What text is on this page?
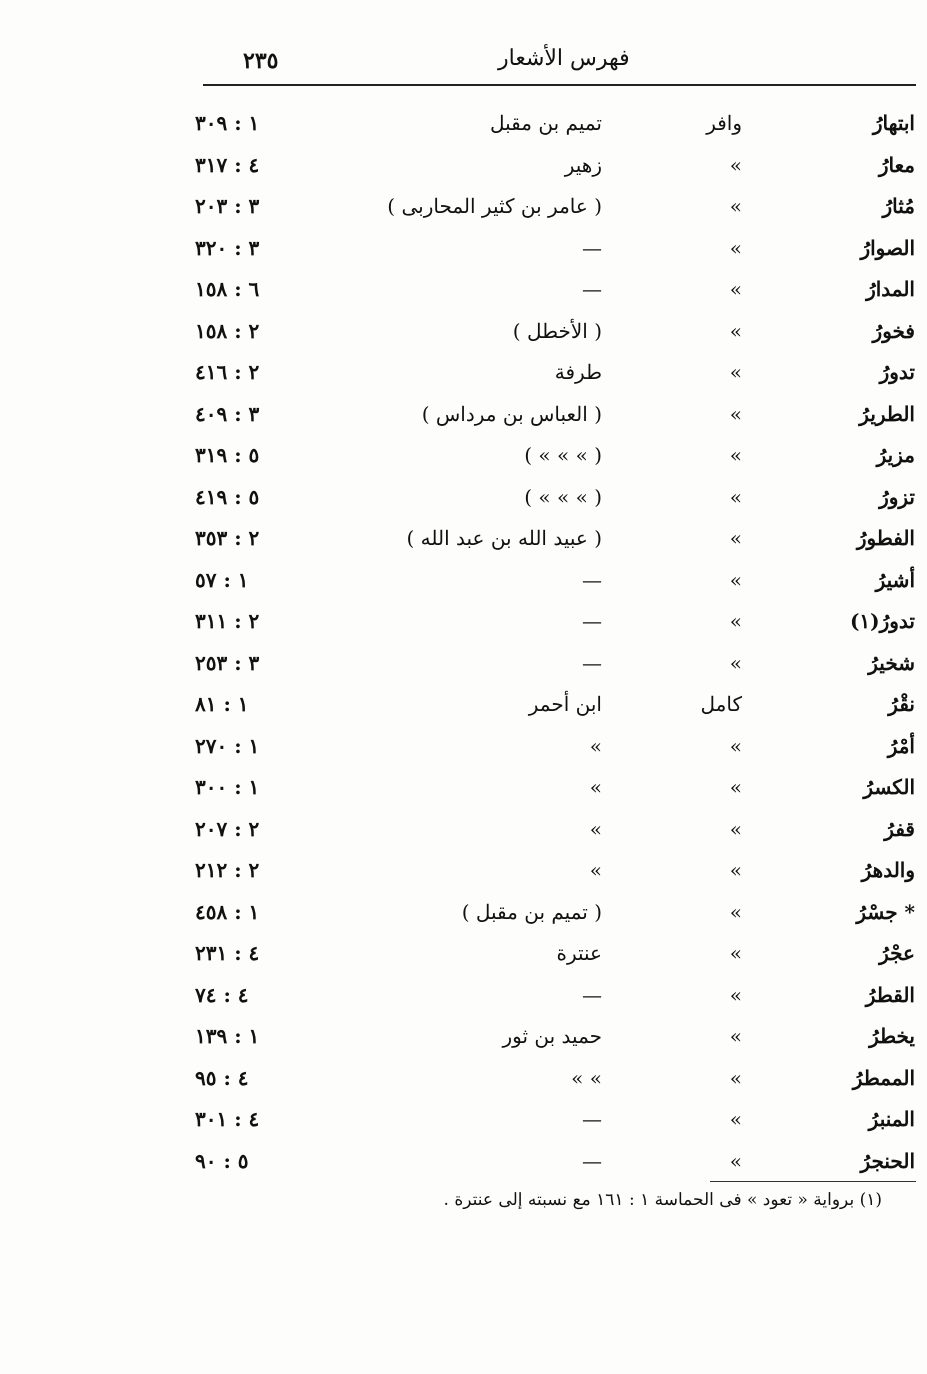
٢٣٥	فهرس الأشعار
ابتهارُ
وافر
تميم بن مقبل
١ : ٣٠٩
معارُ
»
زهير
٤ : ٣١٧
مُثارُ
»
( عامر بن كثير المحاربى )
٣ : ٢٠٣
الصوارُ
»
—
٣ : ٣٢٠
المدارُ
»
—
٦ : ١٥٨
فخورُ
»
( الأخطل )
٢ : ١٥٨
تدورُ
»
طرفة
٢ : ٤١٦
الطريرُ
»
( العباس بن مرداس )
٣ : ٤٠٩
مزيرُ
»
( » » » )
٥ : ٣١٩
تزورُ
»
( » » » )
٥ : ٤١٩
الفطورُ
»
( عبيد الله بن عبد الله )
٢ : ٣٥٣
أشيرُ
»
—
١ : ٥٧
تدورُ(١)
»
—
٢ : ٣١١
شخيرُ
»
—
٣ : ٢٥٣
نقْرُ
كامل
ابن أحمر
١ : ٨١
أمْرُ
»
»
١ : ٢٧٠
الكسرُ
»
»
١ : ٣٠٠
قفرُ
»
»
٢ : ٢٠٧
والدهرُ
»
»
٢ : ٢١٢
* جسْرُ
»
( تميم بن مقبل )
١ : ٤٥٨
عجْرُ
»
عنترة
٤ : ٢٣١
القطرُ
»
—
٤ : ٧٤
يخطرُ
»
حميد بن ثور
١ : ١٣٩
الممطرُ
»
» »
٤ : ٩٥
المنبرُ
»
—
٤ : ٣٠١
الحنجرُ
»
—
٥ : ٩٠
(١) برواية « تعود » فى الحماسة ١ : ١٦١ مع نسبته إلى عنترة .
